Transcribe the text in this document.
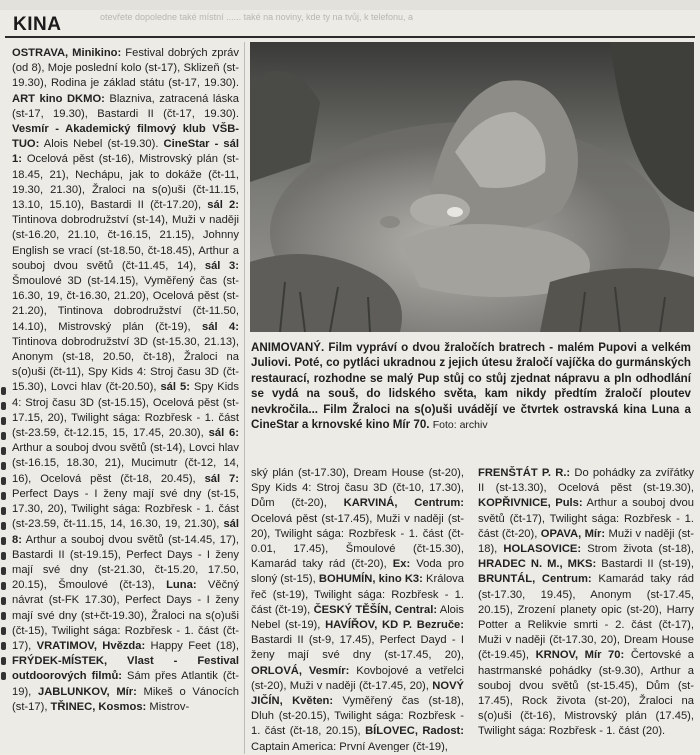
KINA	otevřete dopoledne také místní ...... také na noviny, kde ty na tvůj, k telefonu, a
OSTRAVA, Minikino: Festival dobrých zpráv (od 8), Moje poslední kolo (st-17), Sklizeň (st-19.30), Rodina je základ státu (st-17, 19.30). ART kino DKMO: Blazniva, zatracená láska (st-17, 19.30), Bastardi II (čt-17, 19.30). Vesmír - Akademický filmový klub VŠB-TUO: Alois Nebel (st-19.30). CineStar - sál 1: Ocelová pěst (st-16), Mistrovský plán (st-18.45, 21), Nechápu, jak to dokáže (čt-11, 19.30, 21.30), Žraloci na s(o)uši (čt-11.15, 13.10, 15.10), Bastardi II (čt-17.20), sál 2: Tintinova dobrodružství (st-14), Muži v naději (st-16.20, 21.10, čt-16.15, 21.15), Johnny English se vrací (st-18.50, čt-18.45), Arthur a souboj dvou světů (čt-11.45, 14), sál 3: Šmoulové 3D (st-14.15), Vyměřený čas (st-16.30, 19, čt-16.30, 21.20), Ocelová pěst (st-21.20), Tintinova dobrodružství (čt-11.50, 14.10), Mistrovský plán (čt-19), sál 4: Tintinova dobrodružství 3D (st-15.30, 21.13), Anonym (st-18, 20.50, čt-18), Žraloci na s(o)uši (čt-11), Spy Kids 4: Stroj času 3D (čt-15.30), Lovci hlav (čt-20.50), sál 5: Spy Kids 4: Stroj času 3D (st-15.15), Ocelová pěst (st-17.15, 20), Twilight sága: Rozbřesk - 1. část (st-23.59, čt-12.15, 15, 17.45, 20.30), sál 6: Arthur a souboj dvou světů (st-14), Lovci hlav (st-16.15, 18.30, 21), Mucimutr (čt-12, 14, 16), Ocelová pěst (čt-18, 20.45), sál 7: Perfect Days - I ženy mají své dny (st-15, 17.30, 20), Twilight sága: Rozbřesk - 1. část (st-23.59, čt-11.15, 14, 16.30, 19, 21.30), sál 8: Arthur a souboj dvou světů (st-14.45, 17), Bastardi II (st-19.15), Perfect Days - I ženy mají své dny (st-21.30, čt-15.20, 17.50, 20.15), Šmoulové (čt-13), Luna: Věčný návrat (st-FK 17.30), Perfect Days - I ženy mají své dny (st+čt-19.30), Žraloci na s(o)uši (čt-15), Twilight sága: Rozbřesk - 1. část (čt-17), VRATIMOV, Hvězda: Happy Feet (18), FRÝDEK-MÍSTEK, Vlast - Festival outdoorových filmů: Sám přes Atlantik (čt-19), JABLUNKOV, Mír: Mikeš o Vánocích (st-17), TŘINEC, Kosmos: Mistrov-
ANIMOVANÝ. Film vypráví o dvou žraločích bratrech - malém Pupovi a velkém Juliovi. Poté, co pytláci ukradnou z jejich útesu žraločí vajíčka do gurmánských restaurací, rozhodne se malý Pup stůj co stůj zjednat nápravu a pln odhodlání se vydá na souš, do lidského světa, kam nikdy předtím žraločí ploutev nevkročila... Film Žraloci na s(o)uši uvádějí ve čtvrtek ostravská kina Luna a CineStar a krnovské kino Mír 70. Foto: archiv
ský plán (st-17.30), Dream House (st-20), Spy Kids 4: Stroj času 3D (čt-10, 17.30), Dům (čt-20), KARVINÁ, Centrum: Ocelová pěst (st-17.45), Muži v naději (st-20), Twilight sága: Rozbřesk - 1. část (čt-0.01, 17.45), Šmoulové (čt-15.30), Kamarád taky rád (čt-20), Ex: Voda pro sloný (st-15), BOHUMÍN, kino K3: Králova řeč (st-19), Twilight sága: Rozbřesk - 1. část (čt-19), ČESKÝ TĚŠÍN, Central: Alois Nebel (st-19), HAVÍŘOV, KD P. Bezruče: Bastardi II (st-9, 17.45), Perfect Dayd - I ženy mají své dny (st-17.45, 20), ORLOVÁ, Vesmír: Kovbojové a vetřelci (st-20), Muži v naději (čt-17.45, 20), NOVÝ JIČÍN, Květen: Vyměřený čas (st-18), Dluh (st-20.15), Twilight sága: Rozbřesk - 1. část (čt-18, 20.15), BÍLOVEC, Radost: Captain America: První Avenger (čt-19),
FRENŠTÁT P. R.: Do pohádky za zvířátky II (st-13.30), Ocelová pěst (st-19.30), KOPŘIVNICE, Puls: Arthur a souboj dvou světů (čt-17), Twilight sága: Rozbřesk - 1. část (čt-20), OPAVA, Mír: Muži v naději (st-18), HOLASOVICE: Strom života (st-18), HRADEC N. M., MKS: Bastardi II (st-19), BRUNTÁL, Centrum: Kamarád taky rád (st-17.30, 19.45), Anonym (st-17.45, 20.15), Zrození planety opic (st-20), Harry Potter a Relikvie smrti - 2. část (čt-17), Muži v naději (čt-17.30, 20), Dream House (čt-19.45), KRNOV, Mír 70: Čertovské a hastrmanské pohádky (st-9.30), Arthur a souboj dvou světů (st-15.45), Dům (st-17.45), Rock života (st-20), Žraloci na s(o)uši (čt-16), Mistrovský plán (17.45), Twilight sága: Rozbřesk - 1. část (20).
